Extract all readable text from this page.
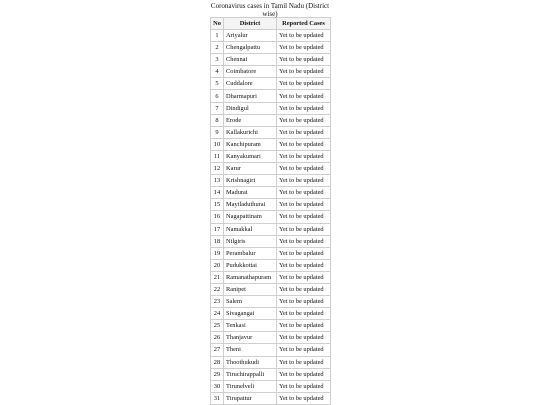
Coronavirus cases in Tamil Nadu (District wise)
No	District	Reported Cases
1	Ariyalur	Yet to be updated
2	Chengalpattu	Yet to be updated
3	Chennai	Yet to be updated
4	Coimbatore	Yet to be updated
5	Cuddalore	Yet to be updated
6	Dharmapuri	Yet to be updated
7	Dindigul	Yet to be updated
8	Erode	Yet to be updated
9	Kallakurichi	Yet to be updated
10	Kanchipuram	Yet to be updated
11	Kanyakumari	Yet to be updated
12	Karur	Yet to be updated
13	Krishnagiri	Yet to be updated
14	Madurai	Yet to be updated
15	Mayiladuthurai	Yet to be updated
16	Nagapattinam	Yet to be updated
17	Namakkal	Yet to be updated
18	Nilgiris	Yet to be updated
19	Perambalur	Yet to be updated
20	Pudukkottai	Yet to be updated
21	Ramanathapuram	Yet to be updated
22	Ranipet	Yet to be updated
23	Salem	Yet to be updated
24	Sivagangai	Yet to be updated
25	Tenkasi	Yet to be updated
26	Thanjavur	Yet to be updated
27	Theni	Yet to be updated
28	Thoothukudi	Yet to be updated
29	Tiruchirappalli	Yet to be updated
30	Tirunelveli	Yet to be updated
31	Tirupattur	Yet to be updated
